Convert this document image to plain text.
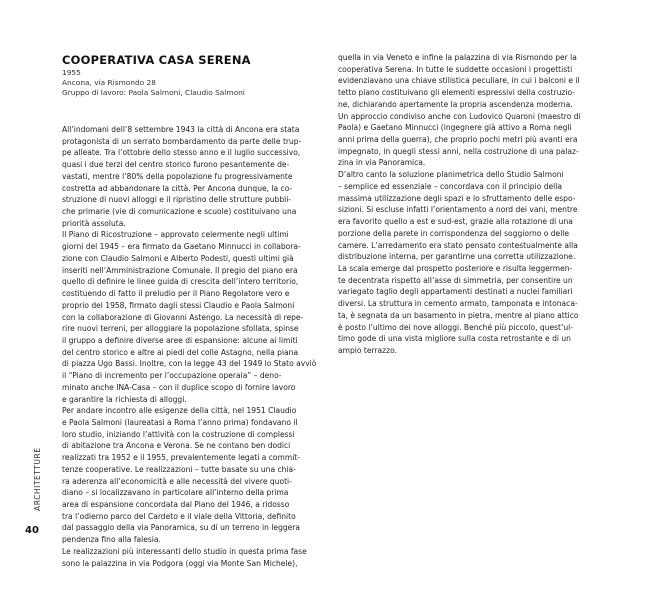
COOPERATIVA CASA SERENA
1955
Ancona, via Rismondo 28
Gruppo di lavoro: Paola Salmoni, Claudio Salmoni
All’indomani dell’8 settembre 1943 la città di Ancona era stata
protagonista di un serrato bombardamento da parte delle trup-
pe alleate. Tra l’ottobre dello stesso anno e il luglio successivo,
quasi i due terzi del centro storico furono pesantemente de-
vastati, mentre l’80% della popolazione fu progressivamente
costretta ad abbandonare la città. Per Ancona dunque, la co-
struzione di nuovi alloggi e il ripristino delle strutture pubbli-
che primarie (vie di comunicazione e scuole) costituivano una
priorità assoluta.
Il Piano di Ricostruzione – approvato celermente negli ultimi
giorni del 1945 – era firmato da Gaetano Minnucci in collabora-
zione con Claudio Salmoni e Alberto Podesti, questi ultimi già
inseriti nell’Amministrazione Comunale. Il pregio del piano era
quello di definire le linee guida di crescita dell’intero territorio,
costituendo di fatto il preludio per il Piano Regolatore vero e
proprio del 1958, firmato dagli stessi Claudio e Paola Salmoni
con la collaborazione di Giovanni Astengo. La necessità di repe-
rire nuovi terreni, per alloggiare la popolazione sfollata, spinse
il gruppo a definire diverse aree di espansione: alcune ai limiti
del centro storico e altre ai piedi del colle Astagno, nella piana
di piazza Ugo Bassi. Inoltre, con la legge 43 del 1949 lo Stato avviò
il “Piano di incremento per l’occupazione operaia” – deno-
minato anche INA-Casa – con il duplice scopo di fornire lavoro
e garantire la richiesta di alloggi.
Per andare incontro alle esigenze della città, nel 1951 Claudio
e Paola Salmoni (laureatasi a Roma l’anno prima) fondavano il
loro studio, iniziando l’attività con la costruzione di complessi
di abitazione tra Ancona e Verona. Se ne contano ben dodici
realizzati tra 1952 e il 1955, prevalentemente legati a commit-
tenze cooperative. Le realizzazioni – tutte basate su una chia-
ra aderenza all’economicità e alle necessità del vivere quoti-
diano – si localizzavano in particolare all’interno della prima
area di espansione concordata dal Piano del 1946, a ridosso
tra l’odierno parco del Cardeto e il viale della Vittoria, definito
dal passaggio della via Panoramica, su di un terreno in leggera
pendenza fino alla falesia.
Le realizzazioni più interessanti dello studio in questa prima fase
sono la palazzina in via Podgora (oggi via Monte San Michele),
quella in via Veneto e infine la palazzina di via Rismondo per la
cooperativa Serena. In tutte le suddette occasioni i progettisti
evidenziavano una chiave stilistica peculiare, in cui i balconi e il
tetto piano costituivano gli elementi espressivi della costruzio-
ne, dichiarando apertamente la propria ascendenza moderna.
Un approccio condiviso anche con Ludovico Quaroni (maestro di
Paola) e Gaetano Minnucci (ingegnere già attivo a Roma negli
anni prima della guerra), che proprio pochi metri più avanti era
impegnato, in quegli stessi anni, nella costruzione di una palaz-
zina in via Panoramica.
D’altro canto la soluzione planimetrica dello Studio Salmoni
– semplice ed essenziale – concordava con il principio della
massima utilizzazione degli spazi e lo sfruttamento delle espo-
sizioni. Si escluse infatti l’orientamento a nord dei vani, mentre
era favorito quello a est e sud-est, grazie alla rotazione di una
porzione della parete in corrispondenza del soggiorno o delle
camere. L’arredamento era stato pensato contestualmente alla
distribuzione interna, per garantirne una corretta utilizzazione.
La scala emerge dal prospetto posteriore e risulta leggermen-
te decentrata rispetto all’asse di simmetria, per consentire un
variegato taglio degli appartamenti destinati a nuclei familiari
diversi. La struttura in cemento armato, tamponata e intonaca-
ta, è segnata da un basamento in pietra, mentre al piano attico
è posto l’ultimo dei nove alloggi. Benché più piccolo, quest’ul-
timo gode di una vista migliore sulla costa retrostante e di un
ampio terrazzo.
ARCHITETTURE
40
